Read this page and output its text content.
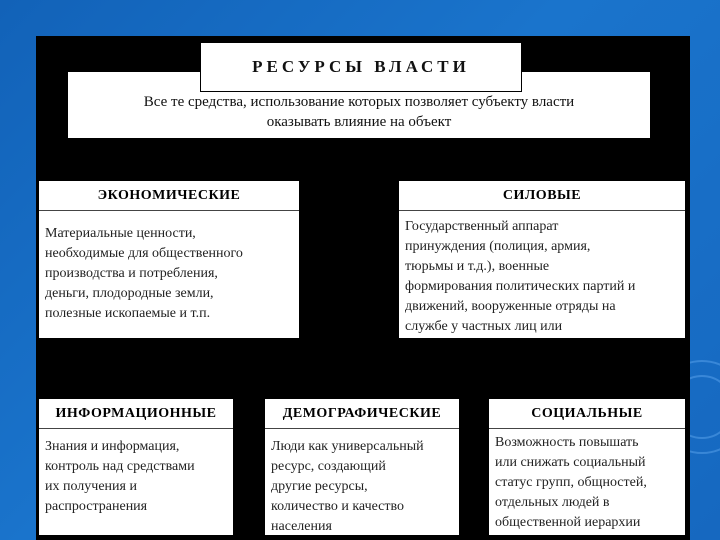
Все те средства, использование которых позволяет субъекту власти
оказывать влияние на объект
РЕСУРСЫ ВЛАСТИ
ЭКОНОМИЧЕСКИЕ
Материальные ценности,
необходимые для общественного
производства и потребления,
деньги, плодородные земли,
полезные ископаемые и т.п.
СИЛОВЫЕ
Государственный аппарат
принуждения (полиция, армия,
тюрьмы и т.д.), военные
формирования политических партий и
движений, вооруженные отряды на
службе у частных лиц или
ИНФОРМАЦИОННЫЕ
Знания и информация,
контроль над средствами
их получения и
распространения
ДЕМОГРАФИЧЕСКИЕ
Люди как универсальный
ресурс, создающий
другие ресурсы,
количество и качество
населения
СОЦИАЛЬНЫЕ
Возможность повышать
или снижать социальный
статус групп, общностей,
отдельных людей в
общественной иерархии
